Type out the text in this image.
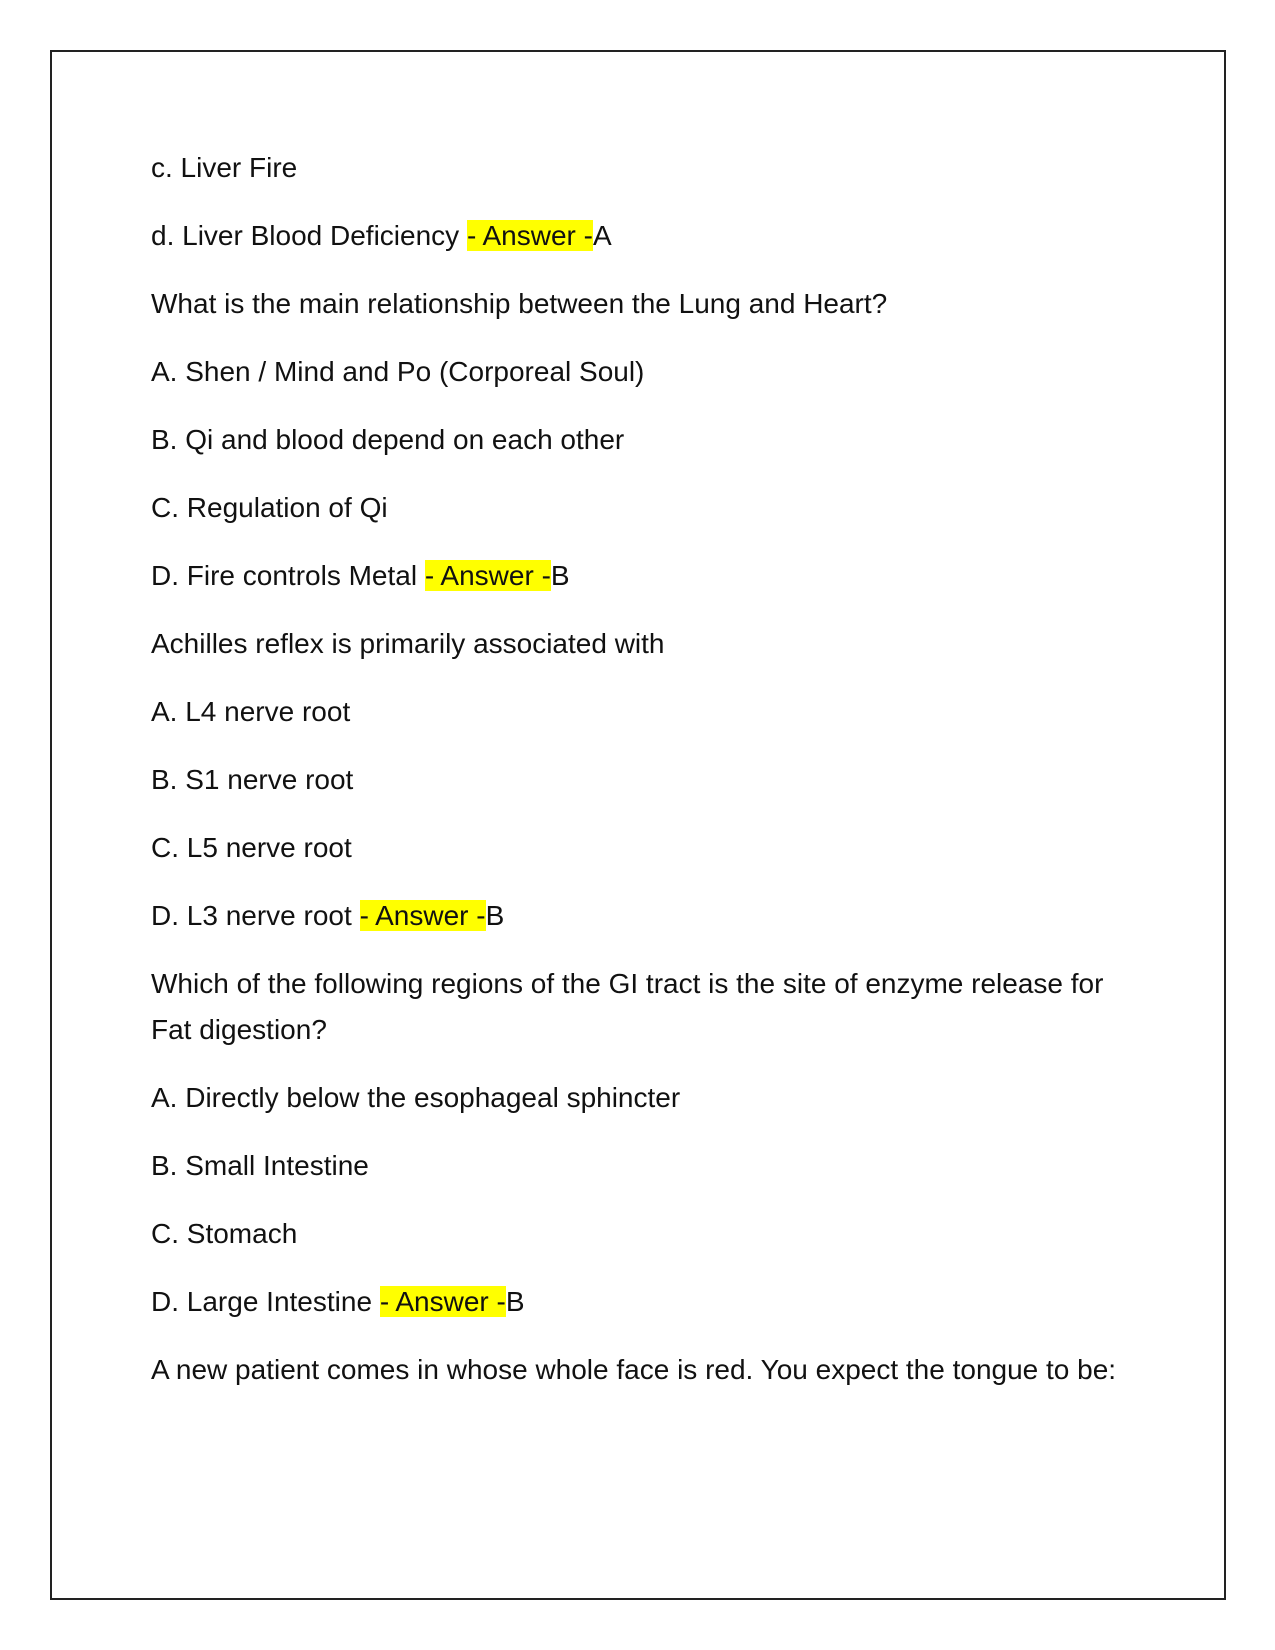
c. Liver Fire

d. Liver Blood Deficiency - Answer -A

What is the main relationship between the Lung and Heart?

A. Shen / Mind and Po (Corporeal Soul)

B. Qi and blood depend on each other

C. Regulation of Qi

D. Fire controls Metal - Answer -B

Achilles reflex is primarily associated with

A. L4 nerve root

B. S1 nerve root

C. L5 nerve root

D. L3 nerve root - Answer -B

Which of the following regions of the GI tract is the site of enzyme release for Fat digestion?

A. Directly below the esophageal sphincter

B. Small Intestine

C. Stomach

D. Large Intestine - Answer -B

A new patient comes in whose whole face is red. You expect the tongue to be:
